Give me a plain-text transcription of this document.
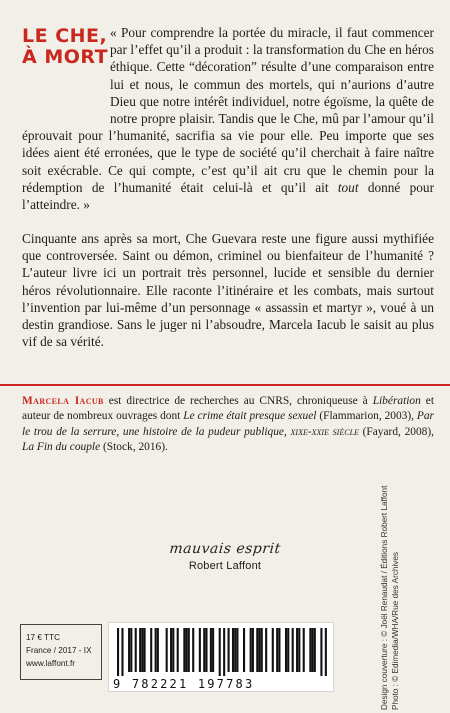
LE CHE,
À MORT

« Pour comprendre la portée du miracle, il faut commencer par l’effet qu’il a produit : la transformation du Che en héros éthique. Cette “décoration” résulte d’une comparaison entre lui et nous, le commun des mortels, qui n’aurions d’autre Dieu que notre intérêt individuel, notre égoïsme, la quête de notre propre plaisir. Tandis que le Che, mû par l’amour qu’il éprouvait pour l’humanité, sacrifia sa vie pour elle. Peu importe que ses idées aient été erronées, que le type de société qu’il cherchait à faire naître soit exécrable. Ce qui compte, c’est qu’il ait cru que le chemin pour la rédemption de l’humanité était celui-là et qu’il ait tout donné pour l’atteindre. »

Cinquante ans après sa mort, Che Guevara reste une figure aussi mythifiée que controversée. Saint ou démon, criminel ou bienfaiteur de l’humanité ? L’auteur livre ici un portrait très personnel, lucide et sensible du dernier héros révolutionnaire. Elle raconte l’itinéraire et les combats, mais surtout l’invention par lui-même d’un personnage « assassin et martyr », voué à un destin grandiose. Sans le juger ni l’absoudre, Marcela Iacub le saisit au plus vif de sa vérité.

Marcela Iacub est directrice de recherches au CNRS, chroniqueuse à Libération et auteur de nombreux ouvrages dont Le crime était presque sexuel (Flammarion, 2003), Par le trou de la serrure, une histoire de la pudeur publique, xixe-xxie siècle (Fayard, 2008), La Fin du couple (Stock, 2016).

mauvais esprit
Robert Laffont	Design couverture : © Joël Renaudat / Éditions Robert Laffont Photo : © Edimedia/WHA/Rue des Archives
17 € TTC
France / 2017 - IX
www.laffont.fr
9 782221 197783
